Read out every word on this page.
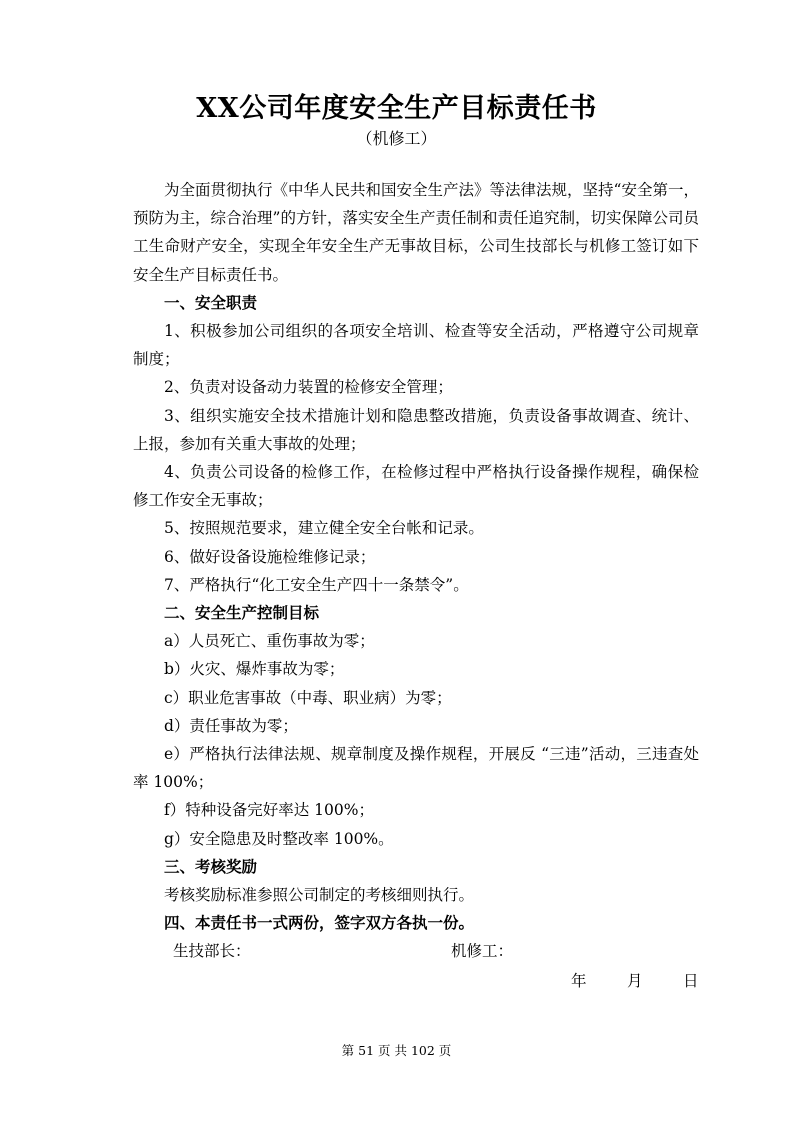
XX公司年度安全生产目标责任书
（机修工）

为全面贯彻执行《中华人民共和国安全生产法》等法律法规，坚持“安全第一，预防为主，综合治理”的方针，落实安全生产责任制和责任追究制，切实保障公司员工生命财产安全，实现全年安全生产无事故目标，公司生技部长与机修工签订如下安全生产目标责任书。

一、安全职责

1、积极参加公司组织的各项安全培训、检查等安全活动，严格遵守公司规章制度；

2、负责对设备动力装置的检修安全管理；

3、组织实施安全技术措施计划和隐患整改措施，负责设备事故调查、统计、上报，参加有关重大事故的处理；

4、负责公司设备的检修工作，在检修过程中严格执行设备操作规程，确保检修工作安全无事故；

5、按照规范要求，建立健全安全台帐和记录。

6、做好设备设施检维修记录；

7、严格执行“化工安全生产四十一条禁令”。

二、安全生产控制目标

a）人员死亡、重伤事故为零；

b）火灾、爆炸事故为零；

c）职业危害事故（中毒、职业病）为零；

d）责任事故为零；

e）严格执行法律法规、规章制度及操作规程，开展反 “三违”活动，三违查处率 100%；

f）特种设备完好率达 100%；

g）安全隐患及时整改率 100%。

三、考核奖励

考核奖励标准参照公司制定的考核细则执行。

四、本责任书一式两份，签字双方各执一份。

生技部长：	机修工：
年	月	日
第 51 页 共 102 页
